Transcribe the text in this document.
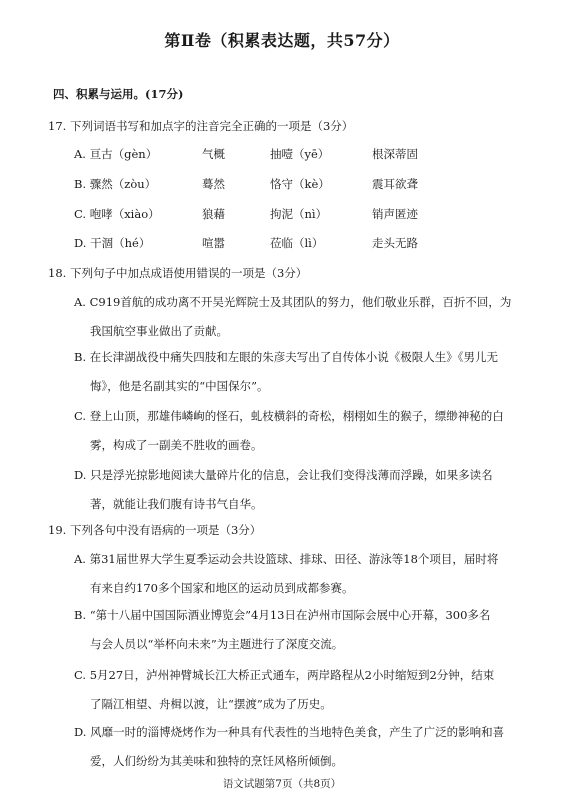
第Ⅱ卷（积累表达题，共57分）
四、积累与运用。(17分)
17. 下列词语书写和加点字的注音完全正确的一项是（3分）
A. 亘古（gèn）	气概	抽噎（yē）	根深蒂固
B. 骤然（zòu）	蓦然	恪守（kè）	震耳欲聋
C. 咆哮（xiào）	狼藉	拘泥（nì）	销声匿迹
D. 干涸（hé）	喧嚣	莅临（lì）	走头无路
18. 下列句子中加点成语使用错误的一项是（3分）
A. C919首航的成功离不开吴光辉院士及其团队的努力，他们敬业乐群，百折不回，为
我国航空事业做出了贡献。
B. 在长津湖战役中痛失四肢和左眼的朱彦夫写出了自传体小说《极限人生》《男儿无
悔》，他是名副其实的“中国保尔”。
C. 登上山顶，那雄伟嶙峋的怪石，虬枝横斜的奇松，栩栩如生的猴子，缥缈神秘的白
雾，构成了一副美不胜收的画卷。
D. 只是浮光掠影地阅读大量碎片化的信息，会让我们变得浅薄而浮躁，如果多读名
著，就能让我们腹有诗书气自华。
19. 下列各句中没有语病的一项是（3分）
A. 第31届世界大学生夏季运动会共设篮球、排球、田径、游泳等18个项目，届时将
有来自约170多个国家和地区的运动员到成都参赛。
B. “第十八届中国国际酒业博览会”4月13日在泸州市国际会展中心开幕，300多名
与会人员以“举杯向未来”为主题进行了深度交流。
C. 5月27日，泸州神臂城长江大桥正式通车，两岸路程从2小时缩短到2分钟，结束
了隔江相望、舟楫以渡，让“摆渡”成为了历史。
D. 风靡一时的淄博烧烤作为一种具有代表性的当地特色美食，产生了广泛的影响和喜
爱，人们纷纷为其美味和独特的烹饪风格所倾倒。
语文试题第7页（共8页）
